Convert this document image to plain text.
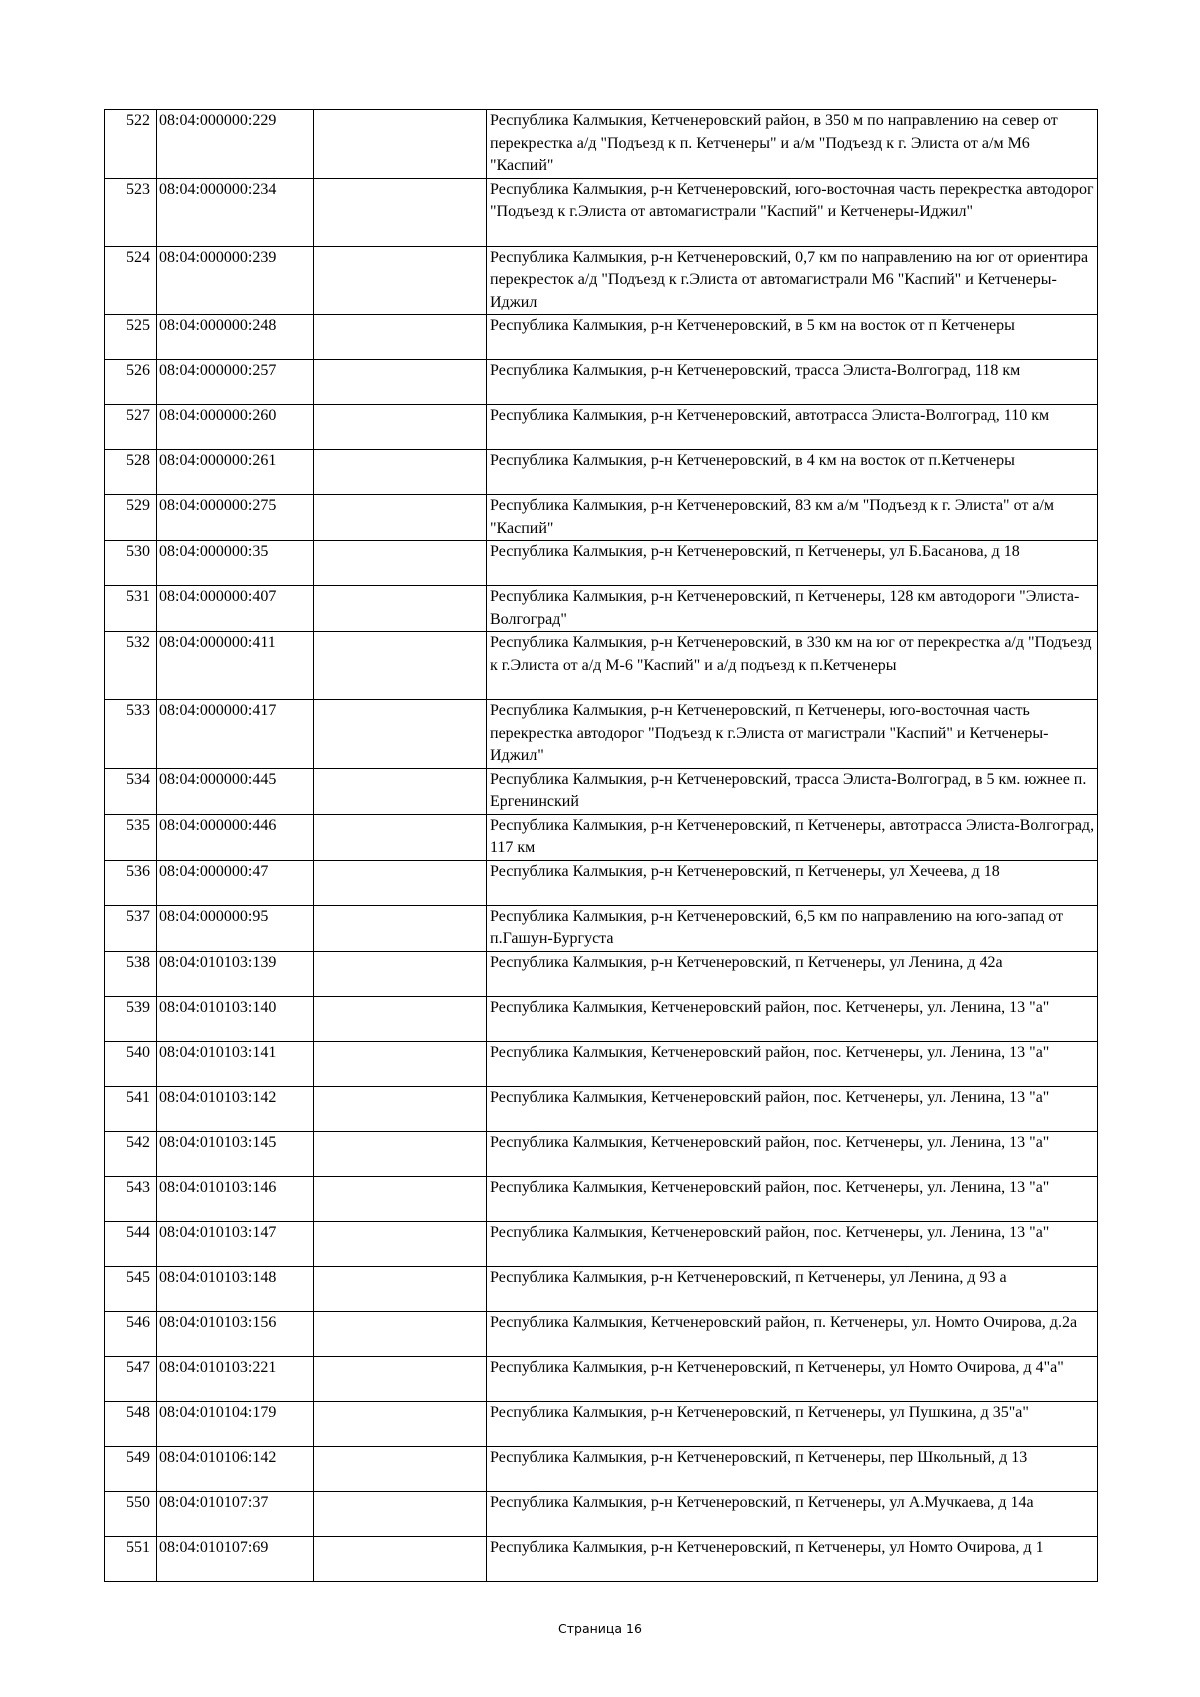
522	08:04:000000:229		Республика Калмыкия, Кетченеровский район, в 350 м по направлению на север от перекрестка а/д "Подъезд к п. Кетченеры" и а/м "Подъезд к г. Элиста от а/м М6 "Каспий"
523	08:04:000000:234		Республика Калмыкия, р-н Кетченеровский, юго-восточная часть перекрестка автодорог "Подъезд к г.Элиста от автомагистрали "Каспий" и Кетченеры-Иджил"
524	08:04:000000:239		Республика Калмыкия, р-н Кетченеровский, 0,7 км по направлению на юг от ориентира перекресток а/д "Подъезд к г.Элиста от автомагистрали М6 "Каспий" и Кетченеры-Иджил
525	08:04:000000:248		Республика Калмыкия, р-н Кетченеровский, в 5 км на восток от п Кетченеры
526	08:04:000000:257		Республика Калмыкия, р-н Кетченеровский, трасса Элиста-Волгоград, 118 км
527	08:04:000000:260		Республика Калмыкия, р-н Кетченеровский, автотрасса Элиста-Волгоград, 110 км
528	08:04:000000:261		Республика Калмыкия, р-н Кетченеровский, в 4 км на восток от п.Кетченеры
529	08:04:000000:275		Республика Калмыкия, р-н Кетченеровский, 83 км а/м "Подъезд к г. Элиста" от а/м "Каспий"
530	08:04:000000:35		Республика Калмыкия, р-н Кетченеровский, п Кетченеры, ул Б.Басанова, д 18
531	08:04:000000:407		Республика Калмыкия, р-н Кетченеровский, п Кетченеры, 128 км автодороги "Элиста-Волгоград"
532	08:04:000000:411		Республика Калмыкия, р-н Кетченеровский, в 330 км на юг от перекрестка а/д "Подъезд к г.Элиста от а/д М-6 "Каспий" и а/д подъезд к п.Кетченеры
533	08:04:000000:417		Республика Калмыкия, р-н Кетченеровский, п Кетченеры, юго-восточная часть перекрестка автодорог "Подъезд к г.Элиста от магистрали "Каспий" и Кетченеры-Иджил"
534	08:04:000000:445		Республика Калмыкия, р-н Кетченеровский, трасса Элиста-Волгоград, в 5 км. южнее п. Ергенинский
535	08:04:000000:446		Республика Калмыкия, р-н Кетченеровский, п Кетченеры, автотрасса Элиста-Волгоград, 117 км
536	08:04:000000:47		Республика Калмыкия, р-н Кетченеровский, п Кетченеры, ул Хечеева, д 18
537	08:04:000000:95		Республика Калмыкия, р-н Кетченеровский, 6,5 км по направлению на юго-запад от п.Гашун-Бургуста
538	08:04:010103:139		Республика Калмыкия, р-н Кетченеровский, п Кетченеры, ул Ленина, д 42а
539	08:04:010103:140		Республика Калмыкия, Кетченеровский район, пос. Кетченеры, ул. Ленина, 13 "а"
540	08:04:010103:141		Республика Калмыкия, Кетченеровский район, пос. Кетченеры, ул. Ленина, 13 "а"
541	08:04:010103:142		Республика Калмыкия, Кетченеровский район, пос. Кетченеры, ул. Ленина, 13 "а"
542	08:04:010103:145		Республика Калмыкия, Кетченеровский район, пос. Кетченеры, ул. Ленина, 13 "а"
543	08:04:010103:146		Республика Калмыкия, Кетченеровский район, пос. Кетченеры, ул. Ленина, 13 "а"
544	08:04:010103:147		Республика Калмыкия, Кетченеровский район, пос. Кетченеры, ул. Ленина, 13 "а"
545	08:04:010103:148		Республика Калмыкия, р-н Кетченеровский, п Кетченеры, ул Ленина, д 93 а
546	08:04:010103:156		Республика Калмыкия, Кетченеровский район, п. Кетченеры, ул. Номто Очирова, д.2а
547	08:04:010103:221		Республика Калмыкия, р-н Кетченеровский, п Кетченеры, ул Номто Очирова, д 4"а"
548	08:04:010104:179		Республика Калмыкия, р-н Кетченеровский, п Кетченеры, ул Пушкина, д 35"а"
549	08:04:010106:142		Республика Калмыкия, р-н Кетченеровский, п Кетченеры, пер Школьный, д 13
550	08:04:010107:37		Республика Калмыкия, р-н Кетченеровский, п Кетченеры, ул А.Мучкаева, д 14а
551	08:04:010107:69		Республика Калмыкия, р-н Кетченеровский, п Кетченеры, ул Номто Очирова, д 1
Страница 16
